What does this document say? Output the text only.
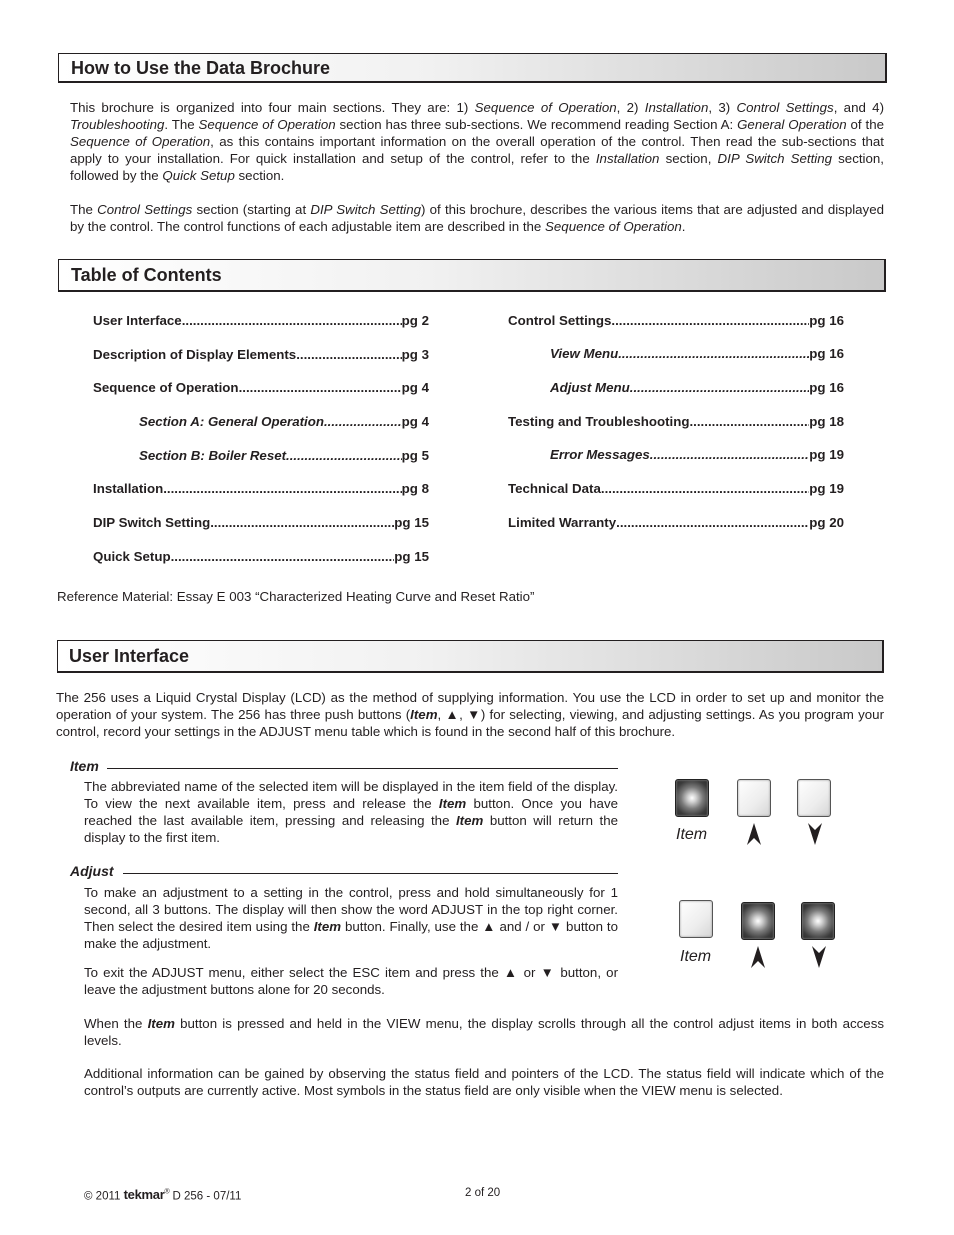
How to Use the Data Brochure
This brochure is organized into four main sections. They are: 1) Sequence of Operation, 2) Installation, 3) Control Settings, and 4) Troubleshooting. The Sequence of Operation section has three sub-sections. We recommend reading Section A: General Operation of the Sequence of Operation, as this contains important information on the overall operation of the control. Then read the sub-sections that apply to your installation. For quick installation and setup of the control, refer to the Installation section, DIP Switch Setting section, followed by the Quick Setup section.
The Control Settings section (starting at DIP Switch Setting) of this brochure, describes the various items that are adjusted and displayed by the control. The control functions of each adjustable item are described in the Sequence of Operation.
Table of Contents
User Interface .....	pg 2
Description of Display Elements .....	pg 3
Sequence of Operation .....	pg 4
Section A: General Operation .....	pg 4
Section B: Boiler Reset .....	pg 5
Installation .....	pg 8
DIP Switch Setting .....	pg 15
Quick Setup .....	pg 15
Control Settings .....	pg 16
View Menu .....	pg 16
Adjust Menu .....	pg 16
Testing and Troubleshooting .....	pg 18
Error Messages .....	pg 19
Technical Data .....	pg 19
Limited Warranty .....	pg 20
Reference Material: Essay E 003 “Characterized Heating Curve and Reset Ratio”
User Interface
The 256 uses a Liquid Crystal Display (LCD) as the method of supplying information. You use the LCD in order to set up and monitor the operation of your system. The 256 has three push buttons (Item, ▲, ▼) for selecting, viewing, and adjusting settings. As you program your control, record your settings in the ADJUST menu table which is found in the second half of this brochure.
Item
The abbreviated name of the selected item will be displayed in the item field of the display. To view the next available item, press and release the Item button. Once you have reached the last available item, pressing and releasing the Item button will return the display to the first item.
Adjust
To make an adjustment to a setting in the control, press and hold simultaneously for 1 second, all 3 buttons. The display will then show the word ADJUST in the top right corner. Then select the desired item using the Item button. Finally, use the ▲ and / or ▼ button to make the adjustment.
To exit the ADJUST menu, either select the ESC item and press the ▲ or ▼ button, or leave the adjustment buttons alone for 20 seconds.
When the Item button is pressed and held in the VIEW menu, the display scrolls through all the control adjust items in both access levels.
Additional information can be gained by observing the status field and pointers of the LCD. The status field will indicate which of the control’s outputs are currently active. Most symbols in the status field are only visible when the VIEW menu is selected.
Item
Item
© 2011 tekmar® D 256 - 07/11	2 of 20
